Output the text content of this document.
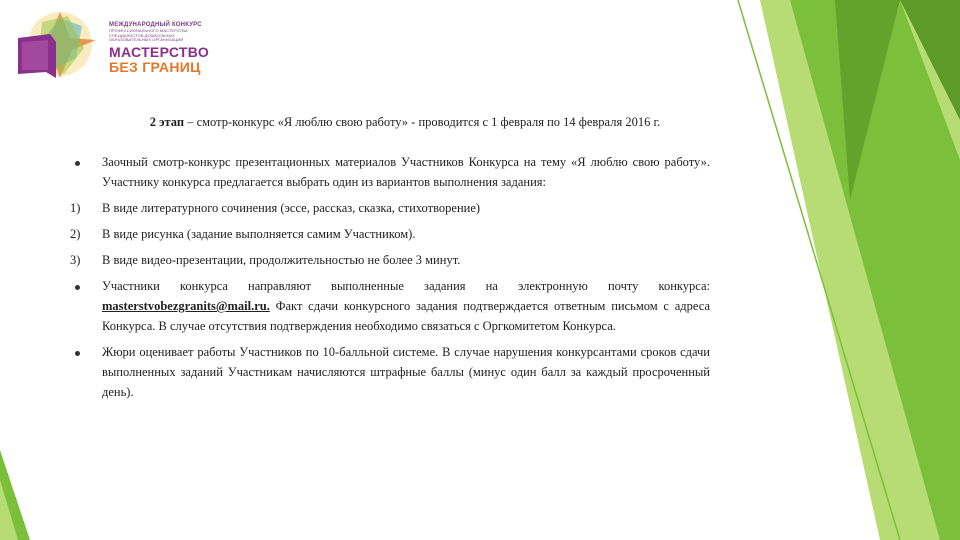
МЕЖДУНАРОДНЫЙ КОНКУРС
ПРОФЕССИОНАЛЬНОГО МАСТЕРСТВА
СПЕЦИАЛИСТОВ ДОШКОЛЬНЫХ
ОБРАЗОВАТЕЛЬНЫХ ОРГАНИЗАЦИЙ
МАСТЕРСТВО
БЕЗ ГРАНИЦ
2 этап – смотр-конкурс «Я люблю свою работу» - проводится с 1 февраля по 14 февраля 2016 г.
Заочный смотр-конкурс презентационных материалов Участников Конкурса на тему «Я люблю свою работу». Участнику конкурса предлагается выбрать один из вариантов выполнения задания:
1)	В виде литературного сочинения (эссе, рассказ, сказка, стихотворение)
2)	В виде рисунка (задание выполняется самим Участником).
3)	В виде видео-презентации, продолжительностью не более 3 минут.
Участники конкурса направляют выполненные задания на электронную почту конкурса: masterstvobezgranits@mail.ru. Факт сдачи конкурсного задания подтверждается ответным письмом с адреса Конкурса. В случае отсутствия подтверждения необходимо связаться с Оргкомитетом Конкурса.
Жюри оценивает работы Участников по 10-балльной системе. В случае нарушения конкурсантами сроков сдачи выполненных заданий Участникам начисляются штрафные баллы (минус один балл за каждый просроченный день).
